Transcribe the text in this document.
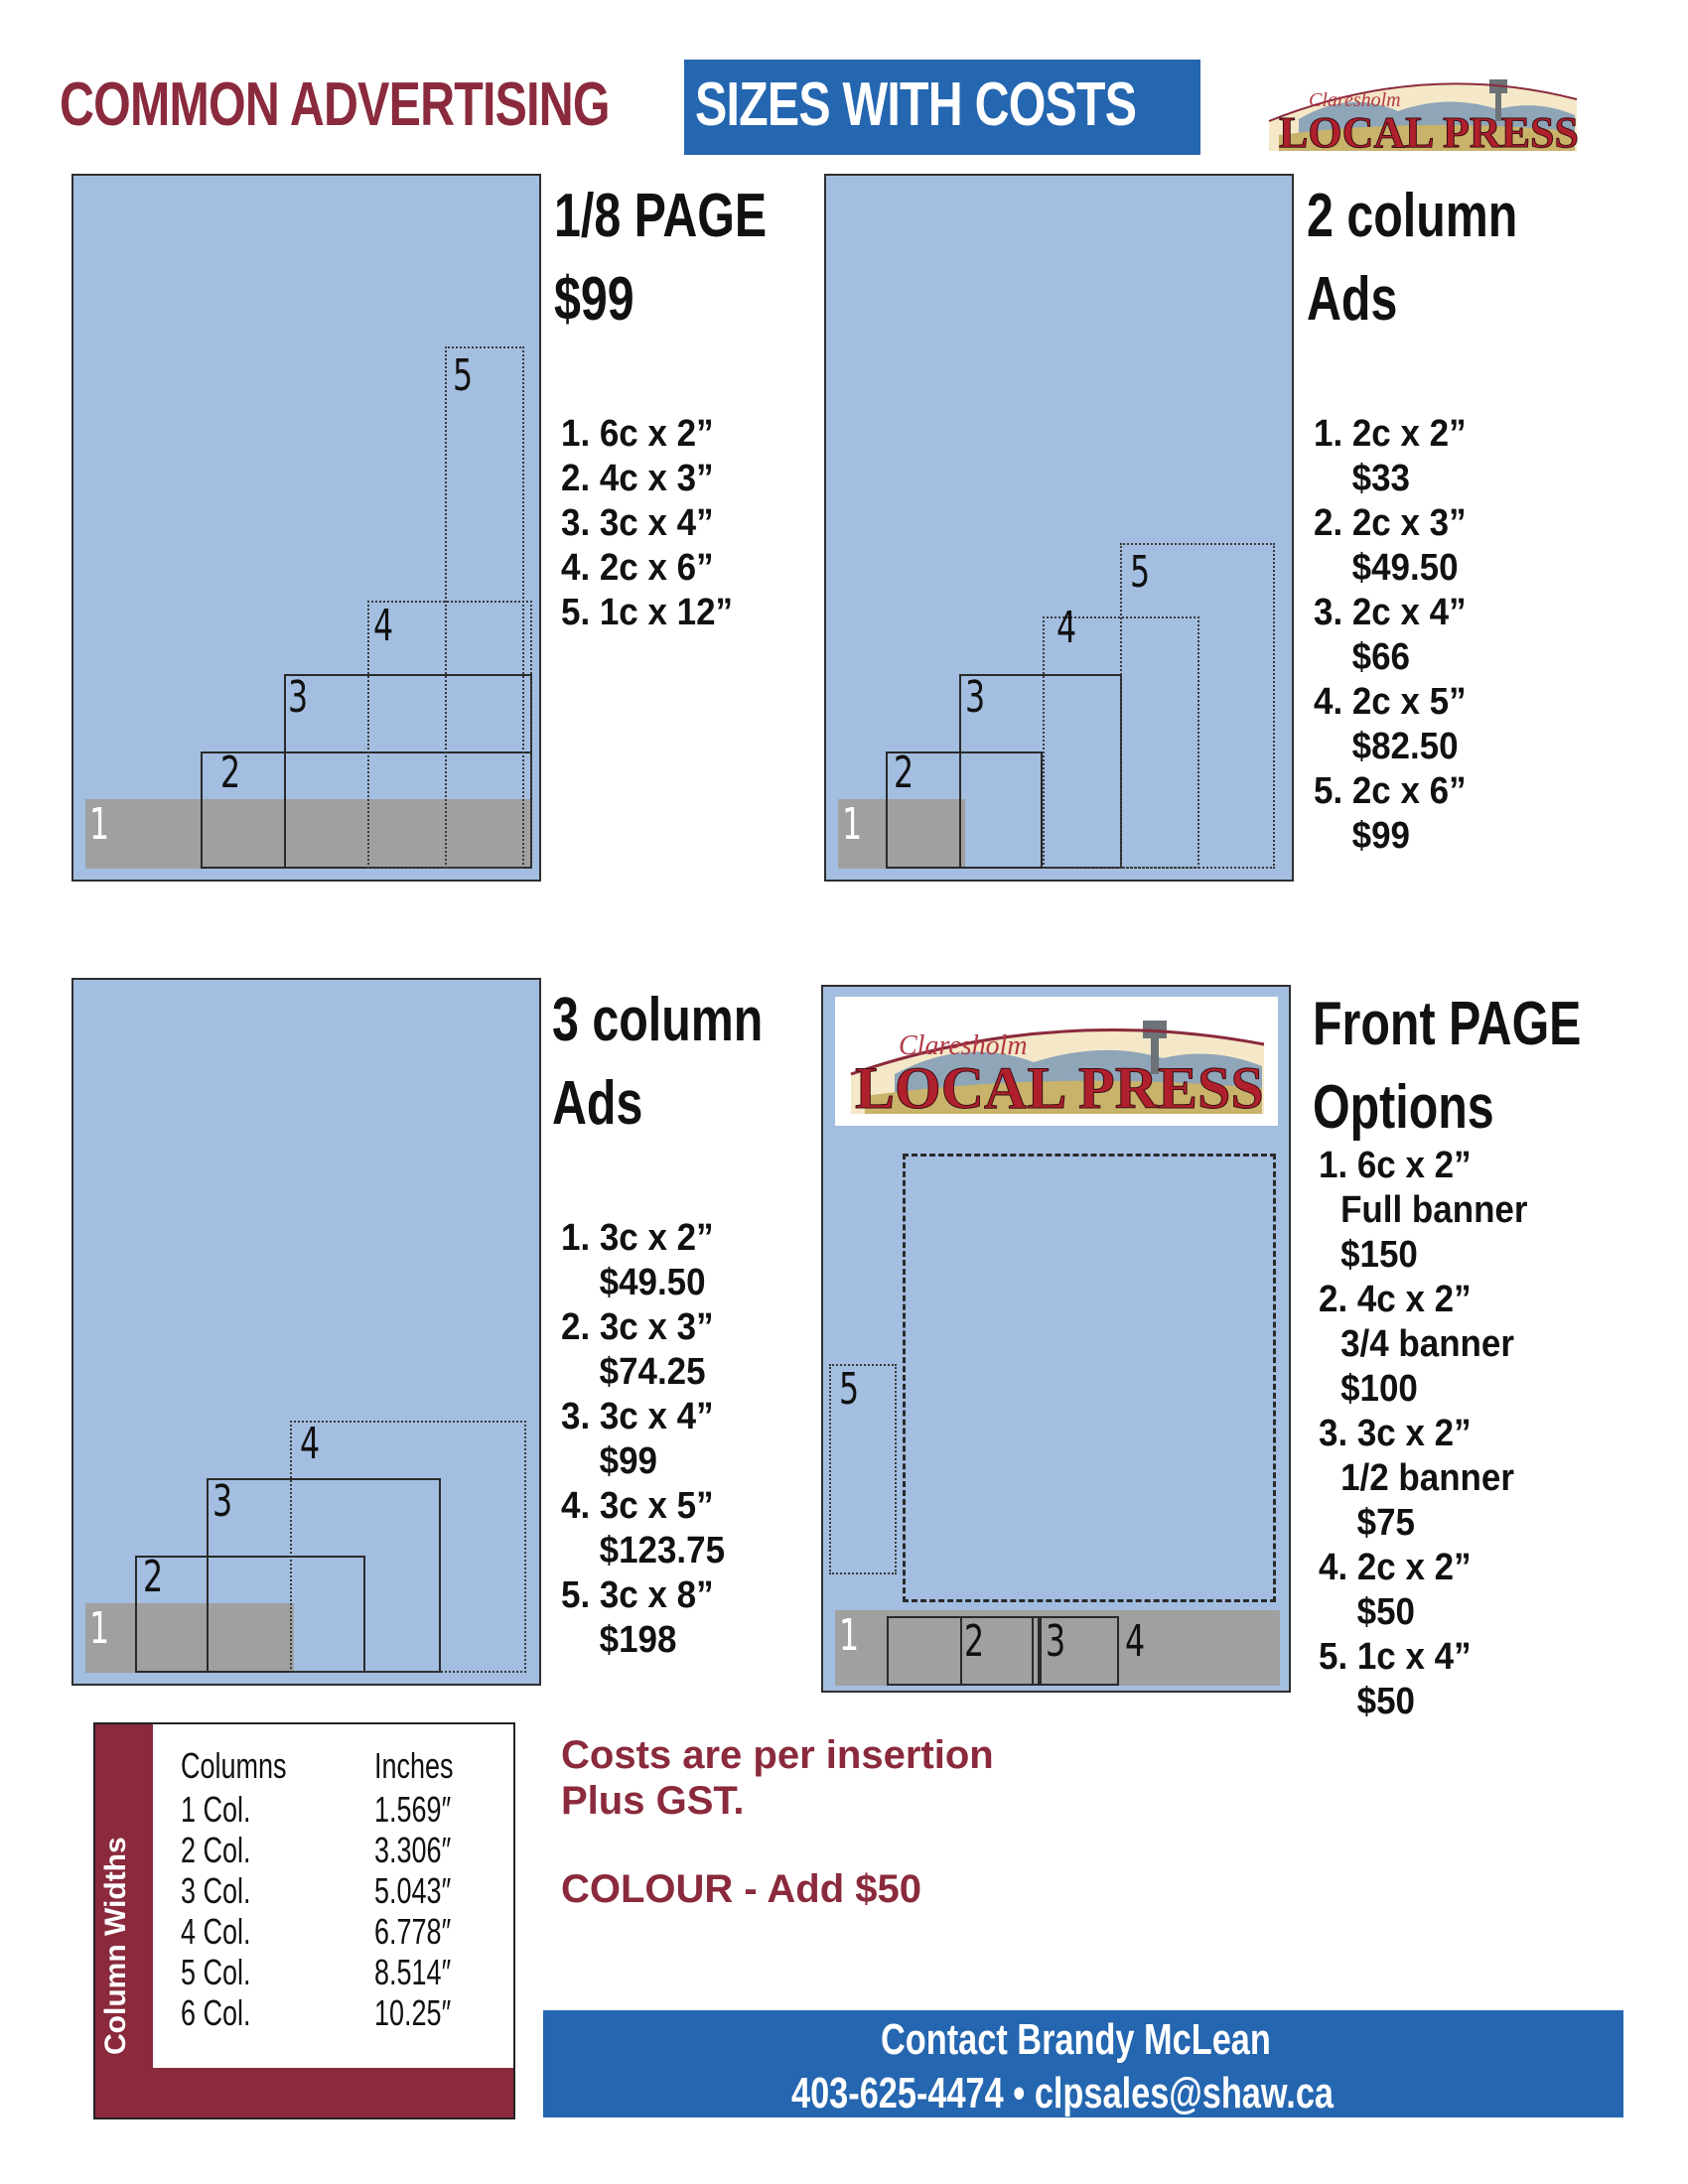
COMMON ADVERTISING SIZES WITH COSTS	Claresholm
LOCAL PRESS
1
2
3
4
5
1/8 PAGE
$99
1. 6c x 2”
2. 4c x 3”
3. 3c x 4”
4. 2c x 6”
5. 1c x 12”
1
2
3
4
5
2 column
Ads
1. 2c x 2”
$33
2. 2c x 3”
$49.50
3. 2c x 4”
$66
4. 2c x 5”
$82.50
5. 2c x 6”
$99
1
2
3
4
3 column
Ads
1. 3c x 2”
$49.50
2. 3c x 3”
$74.25
3. 3c x 4”
$99
4. 3c x 5”
$123.75
5. 3c x 8”
$198
Claresholm
LOCAL PRESS
1 2 3 4
5
Front PAGE
Options
1. 6c x 2”
Full banner
$150
2. 4c x 2”
3/4 banner
$100
3. 3c x 2”
1/2 banner
$75
4. 2c x 2”
$50
5. 1c x 4”
$50
Column Widths
Columns Inches
1 Col.	1.569″
2 Col.	3.306″
3 Col.	5.043″
4 Col.	6.778″
5 Col.	8.514″
6 Col.	10.25″
Costs are per insertion
Plus GST.
COLOUR - Add $50
Contact Brandy McLean
403-625-4474 • clpsales@shaw.ca
